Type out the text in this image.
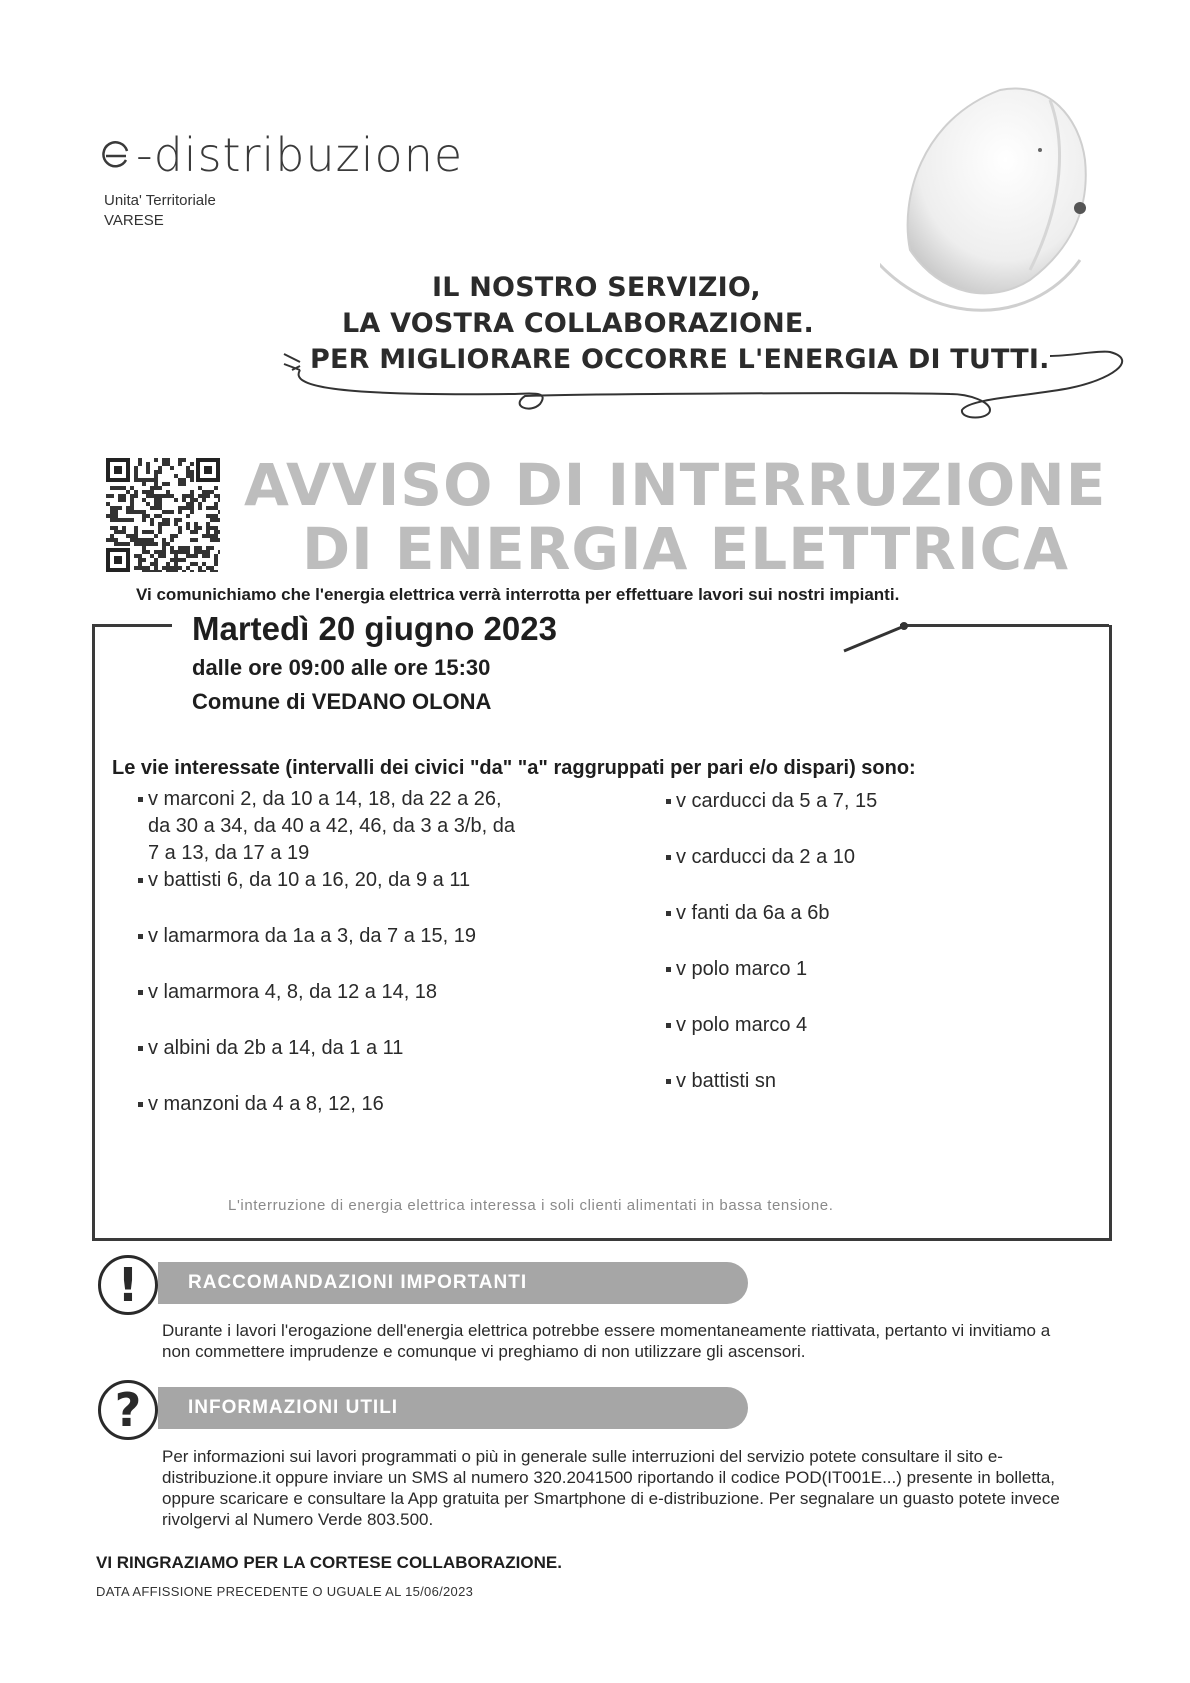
-distribuzione
Unita' Territoriale
VARESE
IL NOSTRO SERVIZIO,
LA VOSTRA COLLABORAZIONE.
PER MIGLIORARE OCCORRE L'ENERGIA DI TUTTI.
AVVISO DI INTERRUZIONE
DI ENERGIA ELETTRICA
Vi comunichiamo che l'energia elettrica verrà interrotta per effettuare lavori sui nostri impianti.
Martedì 20 giugno 2023
dalle ore 09:00 alle ore 15:30
Comune di VEDANO OLONA
Le vie interessate (intervalli dei civici "da" "a" raggruppati per pari e/o dispari) sono:
v marconi 2, da 10 a 14, 18, da 22 a 26, da 30 a 34, da 40 a 42, 46, da 3 a 3/b, da 7 a 13, da 17 a 19
v battisti 6, da 10 a 16, 20, da 9 a 11
v lamarmora da 1a a 3, da 7 a 15, 19
v lamarmora 4, 8, da 12 a 14, 18
v albini da 2b a 14, da 1 a 11
v manzoni da 4 a 8, 12, 16
v carducci da 5 a 7, 15
v carducci da 2 a 10
v fanti da 6a a 6b
v polo marco 1
v polo marco 4
v battisti sn
L'interruzione di energia elettrica interessa i soli clienti alimentati in bassa tensione.
RACCOMANDAZIONI IMPORTANTI
!
Durante i lavori l'erogazione dell'energia elettrica potrebbe essere momentaneamente riattivata, pertanto vi invitiamo a non commettere imprudenze e comunque vi preghiamo di non utilizzare gli ascensori.
INFORMAZIONI UTILI
?
Per informazioni sui lavori programmati o più in generale sulle interruzioni del servizio potete consultare il sito e-distribuzione.it oppure inviare un SMS al numero 320.2041500 riportando il codice POD(IT001E...) presente in bolletta, oppure scaricare e consultare la App gratuita per Smartphone di e-distribuzione. Per segnalare un guasto potete invece rivolgervi al Numero Verde 803.500.
VI RINGRAZIAMO PER LA CORTESE COLLABORAZIONE.
DATA AFFISSIONE PRECEDENTE O UGUALE AL 15/06/2023
